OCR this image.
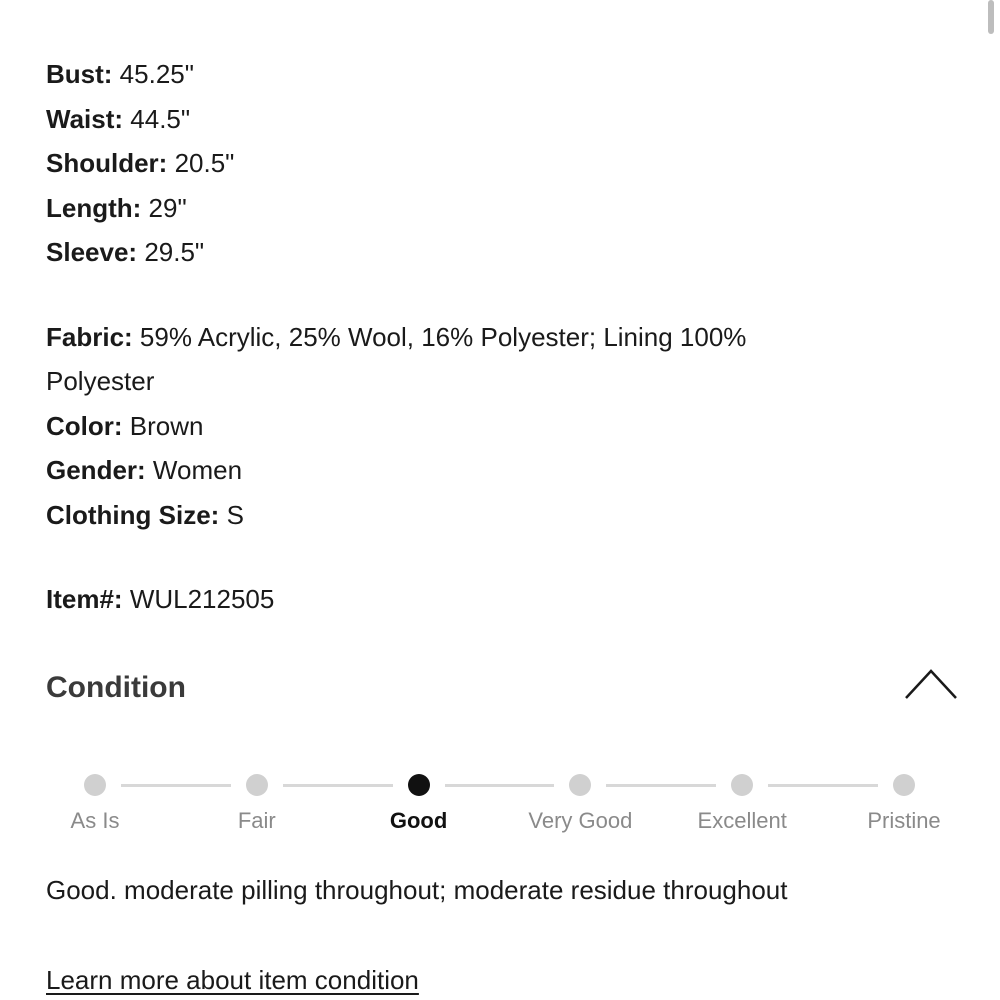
Bust: 45.25"

Waist: 44.5"

Shoulder: 20.5"

Length: 29"

Sleeve: 29.5"

Fabric: 59% Acrylic, 25% Wool, 16% Polyester; Lining 100% Polyester

Color: Brown

Gender: Women

Clothing Size: S

Item#: WUL212505

Condition
As Is	Fair	Good	Very Good	Excellent	Pristine
Good. moderate pilling throughout; moderate residue throughout
Learn more about item condition
